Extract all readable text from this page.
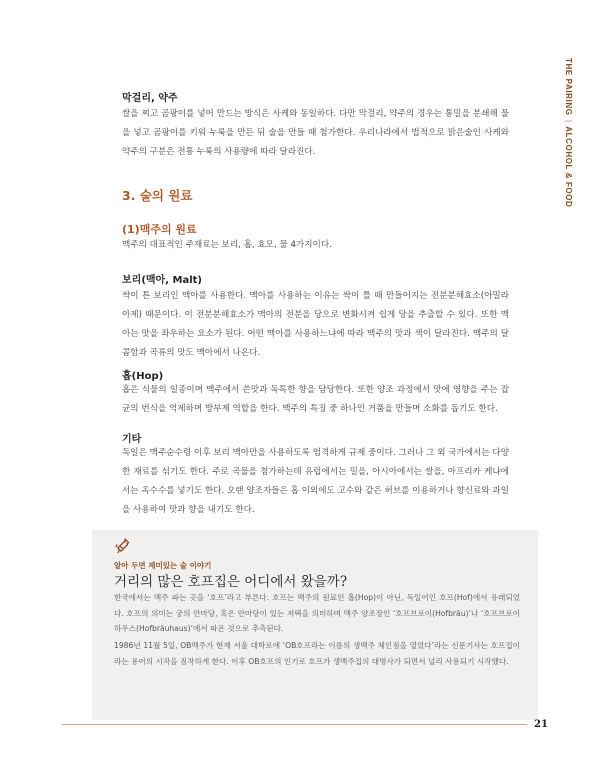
THE PAIRING|ALCOHOL & FOOD
막걸리, 약주
쌀을 찌고 곰팡이를 넣어 만드는 방식은 사케와 동일하다. 다만 막걸리, 약주의 경우는 통밀을 분쇄해 물을 넣고 곰팡이를 키워 누룩을 만든 뒤 술을 만들 때 첨가한다. 우리나라에서 법적으로 맑은술인 사케와 약주의 구분은 전통 누룩의 사용량에 따라 달라진다.
3. 술의 원료
(1)맥주의 원료
맥주의 대표적인 주재료는 보리, 홉, 효모, 물 4가지이다.
보리(맥아, Malt)
싹이 튼 보리인 맥아를 사용한다. 맥아를 사용하는 이유는 싹이 틀 때 만들어지는 전분분해효소(아밀라아제) 때문이다. 이 전분분해효소가 맥아의 전분을 당으로 변화시켜 쉽게 당을 추출할 수 있다. 또한 맥아는 맛을 좌우하는 요소가 된다. 어떤 맥아를 사용하느냐에 따라 맥주의 맛과 색이 달라진다. 맥주의 달콤함과 곡류의 맛도 맥아에서 나온다.
홉(Hop)
홉은 식물의 일종이며 맥주에서 쓴맛과 독특한 향을 담당한다. 또한 양조 과정에서 맛에 영향을 주는 잡균의 번식을 억제하며 방부제 역할을 한다. 맥주의 특징 중 하나인 거품을 만들며 소화를 돕기도 한다.
기타
독일은 맥주순수령 이후 보리 맥아만을 사용하도록 엄격하게 규제 중이다. 그러나 그 외 국가에서는 다양한 재료를 섞기도 한다. 주로 곡물을 첨가하는데 유럽에서는 밀을, 아시아에서는 쌀을, 아프리카 케냐에서는 옥수수를 넣기도 한다. 오랜 양조자들은 홉 이외에도 고수와 같은 허브를 이용하거나 향신료와 과일을 사용하여 맛과 향을 내기도 한다.
알아 두면 재미있는 술 이야기
거리의 많은 호프집은 어디에서 왔을까?
한국에서는 맥주 파는 곳을 ‘호프’라고 부른다. 호프는 맥주의 원료인 홉(Hop)이 아닌, 독일어인 호프(Hof)에서 유래되었다. 호프의 의미는 궁의 안마당, 혹은 안마당이 있는 저택을 의미하며 맥주 양조장인 ‘호프브로이(Hofbräu)’나 ‘호프브로이하우스(Hofbräuhaus)’에서 따온 것으로 추측된다.
1986년 11월 5일, OB맥주가 현재 서울 대학로에 ‘OB호프라는 이름의 생맥주 체인점을 열었다’라는 신문기사는 호프집이라는 용어의 시작을 짐작하게 한다. 이후 OB호프의 인기로 호프가 생맥주집의 대명사가 되면서 널리 사용되기 시작했다.
21
